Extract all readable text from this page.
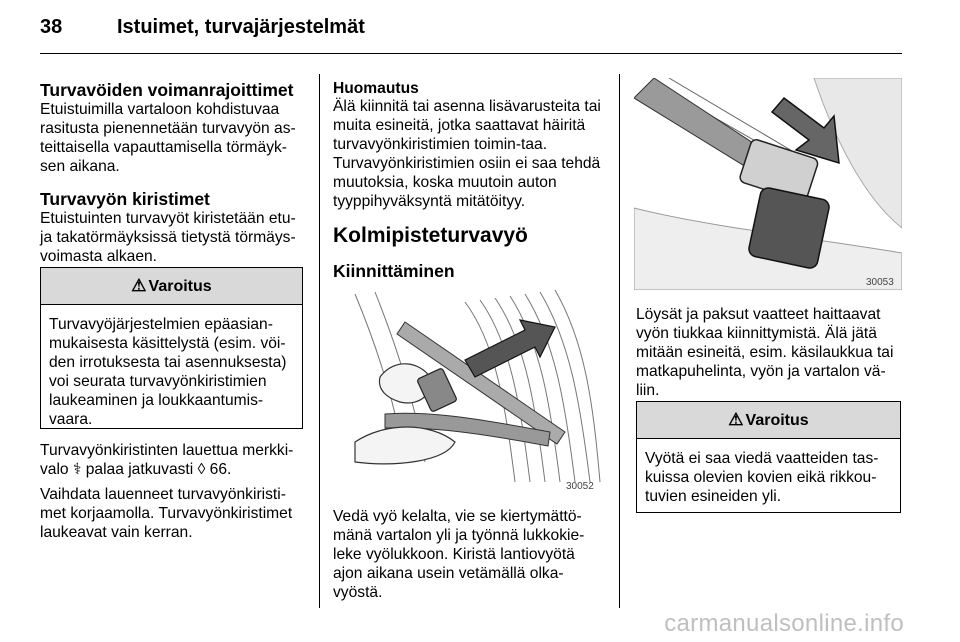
38	Istuimet, turvajärjestelmät
Turvavöiden voimanrajoittimet

Etuistuimilla vartaloon kohdistuvaa rasitusta pienennetään turvavyön as-teittaisella vapauttamisella törmäyk-sen aikana.

Turvavyön kiristimet

Etuistuinten turvavyöt kiristetään etu-ja takatörmäyksissä tietystä törmäys-voimasta alkaen.

⚠ Varoitus
Turvavyöjärjestelmien epäasian-mukaisesta käsittelystä (esim. vöi-den irrotuksesta tai asennuksesta) voi seurata turvavyönkiristimien laukeaminen ja loukkaantumis-vaara.

Turvavyönkiristinten lauettua merkki-valo ⚕ palaa jatkuvasti ◊ 66.

Vaihdata lauenneet turvavyönkiristi-met korjaamolla. Turvavyönkiristimet laukeavat vain kerran.

Huomautus

Älä kiinnitä tai asenna lisävarusteita tai muita esineitä, jotka saattavat häiritä turvavyönkiristimien toimin-taa. Turvavyönkiristimien osiin ei saa tehdä muutoksia, koska muutoin auton tyyppihyväksyntä mitätöityy.

Kolmipisteturvavyö
Kiinnittäminen
30052
Vedä vyö kelalta, vie se kiertymättö-mänä vartalon yli ja työnnä lukkokie-leke vyölukkoon. Kiristä lantiovyötä ajon aikana usein vetämällä olka-vyöstä.
30053
Löysät ja paksut vaatteet haittaavat vyön tiukkaa kiinnittymistä. Älä jätä mitään esineitä, esim. käsilaukkua tai matkapuhelinta, vyön ja vartalon vä-liin.
⚠ Varoitus
Vyötä ei saa viedä vaatteiden tas-kuissa olevien kovien eikä rikkou-tuvien esineiden yli.
carmanualsonline.info
